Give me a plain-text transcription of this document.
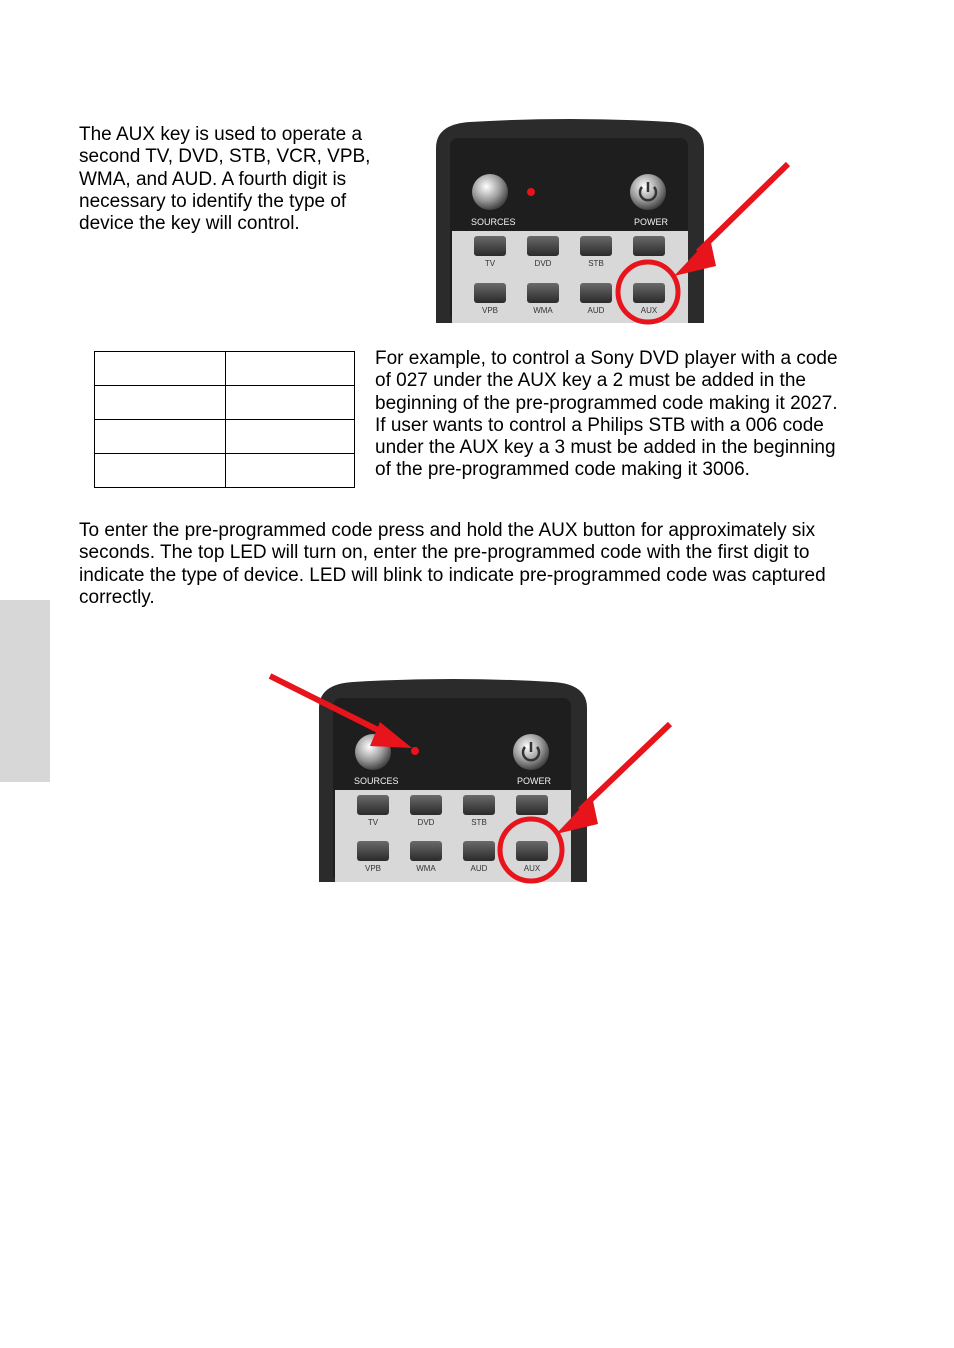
The AUX key is used to operate a
second TV, DVD, STB, VCR, VPB,
WMA, and AUD. A fourth digit is
necessary to identify the type of
device the key will control.	SOURCES	POWER
TV	DVD	STB
VPB	WMA	AUD	AUX

For example, to control a Sony DVD player with a code
of 027 under the AUX key a 2 must be added in the
beginning of the pre-programmed code making it 2027.
If user wants to control a Philips STB with a 006 code
under the AUX key a 3 must be added in the beginning
of the pre-programmed code making it 3006.

To enter the pre-programmed code press and hold the AUX button for approximately six
seconds. The top LED will turn on, enter the pre-programmed code with the first digit to
indicate the type of device. LED will blink to indicate pre-programmed code was captured
correctly.

SOURCES	POWER
TV	DVD	STB
VPB	WMA	AUD	AUX
